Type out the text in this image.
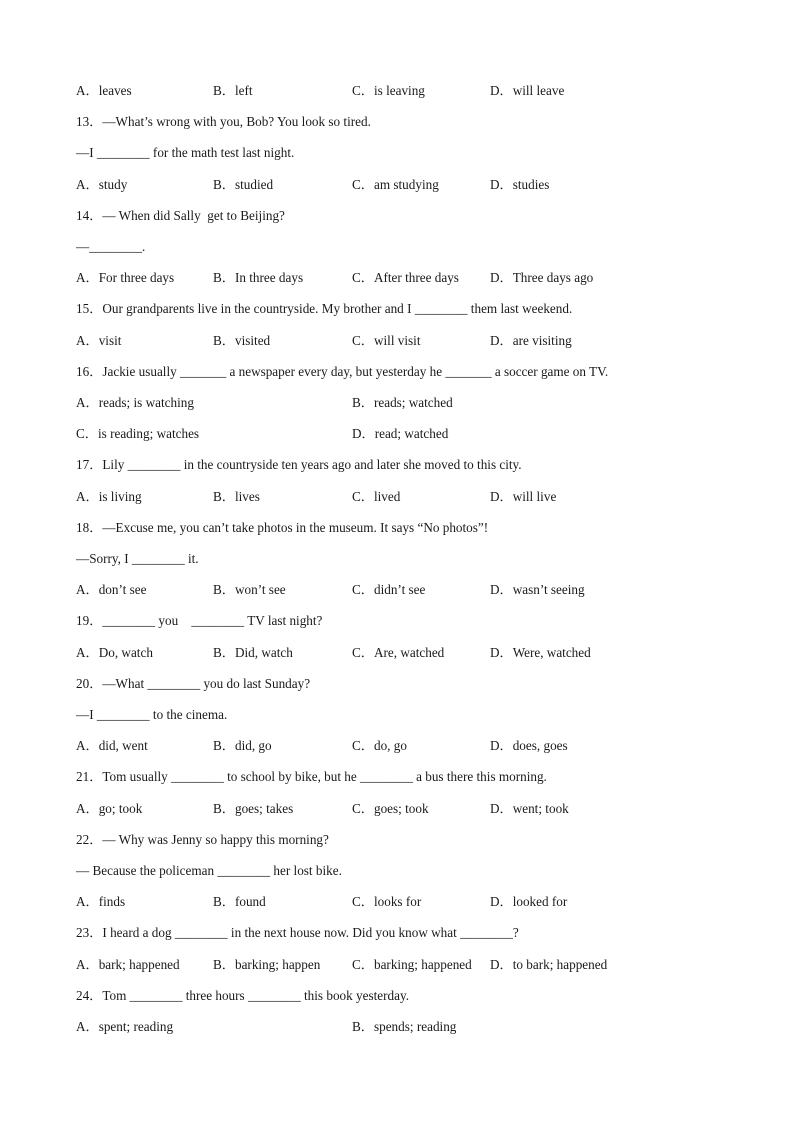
A．leaves	B．left	C．is leaving	D．will leave
13．—What’s wrong with you, Bob? You look so tired.
—I ________ for the math test last night.
A．study	B．studied	C．am studying	D．studies
14．— When did Sally  get to Beijing?
—________.
A．For three days	B．In three days	C．After three days D．Three days ago
15．Our grandparents live in the countryside. My brother and I ________ them last weekend.
A．visit	B．visited	C．will visit	D．are visiting
16．Jackie usually _______ a newspaper every day, but yesterday he _______ a soccer game on TV.
A．reads; is watching	B．reads; watched
C．is reading; watches	D．read; watched
17．Lily ________ in the countryside ten years ago and later she moved to this city.
A．is living	B．lives	C．lived	D．will live
18．—Excuse me, you can’t take photos in the museum. It says “No photos”!
—Sorry, I ________ it.
A．don’t see	B．won’t see	C．didn’t see	D．wasn’t seeing
19．________ you    ________ TV last night?
A．Do, watch	B．Did, watch	C．Are, watched	D．Were, watched
20．—What ________ you do last Sunday?
—I ________ to the cinema.
A．did, went	B．did, go	C．do, go	D．does, goes
21．Tom usually ________ to school by bike, but he ________ a bus there this morning.
A．go; took	B．goes; takes	C．goes; took	D．went; took
22．— Why was Jenny so happy this morning?
— Because the policeman ________ her lost bike.
A．finds	B．found	C．looks for	D．looked for
23．I heard a dog ________ in the next house now. Did you know what ________?
A．bark; happened	B．barking; happen C．barking; happened D．to bark; happened
24．Tom ________ three hours ________ this book yesterday.
A．spent; reading	B．spends; reading
